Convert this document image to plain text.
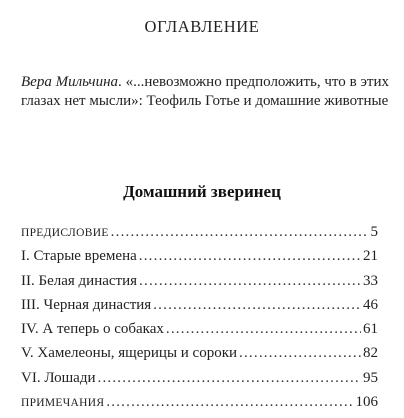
ОГЛАВЛЕНИЕ

Вера Мильчина. «...невозможно предположить, что в этих глазах нет мысли»: Теофиль Готье и домашние животные

Домашний зверинец
ПРЕДИСЛОВИЕ .....	5
I. Старые времена .....	21
II. Белая династия .....	33
III. Черная династия .....	46
IV. А теперь о собаках .....	61
V. Хамелеоны, ящерицы и сороки .....	82
VI. Лошади .....	95
ПРИМЕЧАНИЯ .....	106
